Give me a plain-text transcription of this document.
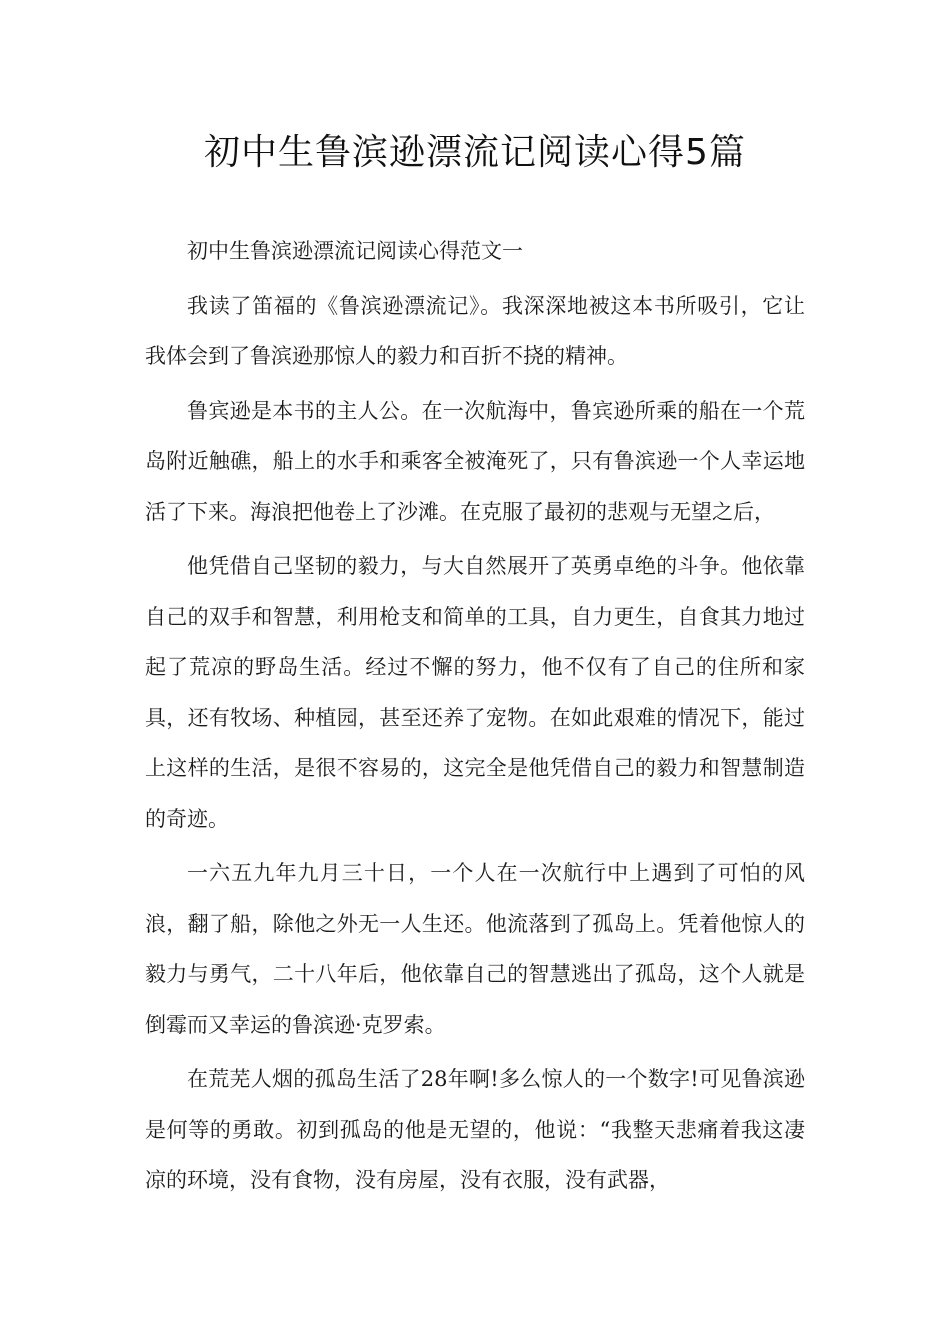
初中生鲁滨逊漂流记阅读心得5篇

初中生鲁滨逊漂流记阅读心得范文一

我读了笛福的《鲁滨逊漂流记》。我深深地被这本书所吸引，它让我体会到了鲁滨逊那惊人的毅力和百折不挠的精神。

鲁宾逊是本书的主人公。在一次航海中，鲁宾逊所乘的船在一个荒岛附近触礁，船上的水手和乘客全被淹死了，只有鲁滨逊一个人幸运地活了下来。海浪把他卷上了沙滩。在克服了最初的悲观与无望之后，

他凭借自己坚韧的毅力，与大自然展开了英勇卓绝的斗争。他依靠自己的双手和智慧，利用枪支和简单的工具，自力更生，自食其力地过起了荒凉的野岛生活。经过不懈的努力，他不仅有了自己的住所和家具，还有牧场、种植园，甚至还养了宠物。在如此艰难的情况下，能过上这样的生活，是很不容易的，这完全是他凭借自己的毅力和智慧制造的奇迹。

一六五九年九月三十日，一个人在一次航行中上遇到了可怕的风浪，翻了船，除他之外无一人生还。他流落到了孤岛上。凭着他惊人的毅力与勇气，二十八年后，他依靠自己的智慧逃出了孤岛，这个人就是倒霉而又幸运的鲁滨逊·克罗索。

在荒芜人烟的孤岛生活了28年啊!多么惊人的一个数字!可见鲁滨逊是何等的勇敢。初到孤岛的他是无望的，他说：“我整天悲痛着我这凄凉的环境，没有食物，没有房屋，没有衣服，没有武器，
